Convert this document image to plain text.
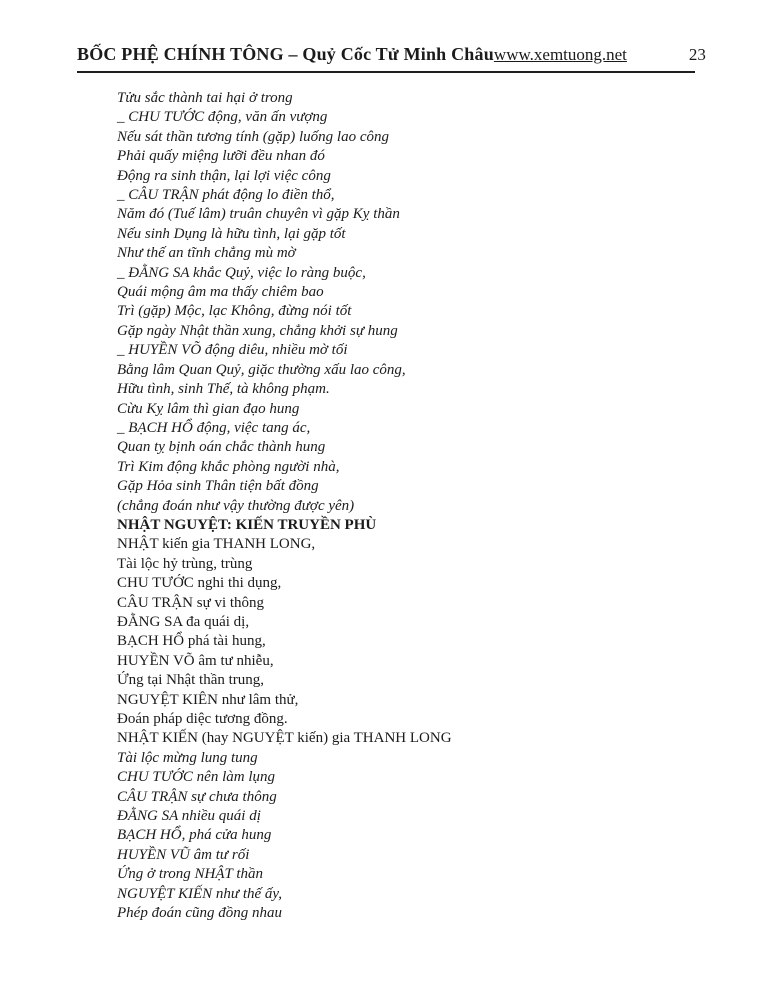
BỐC PHỆ CHÍNH TÔNG – Quỷ Cốc Tử Minh Châu www.xemtuong.net	23
Tửu sắc thành tai hại ở trong
_ CHU TƯỚC động, văn ấn vượng
Nếu sát thần tương tính (gặp) luống lao công
Phải quấy miệng lưỡi đều nhan đó
Động ra sinh thận, lại lợi việc công
_ CÂU TRẬN phát động lo điền thổ,
Năm đó (Tuế lâm) truân chuyên vì gặp Kỵ thần
Nếu sinh Dụng là hữu tình, lại gặp tốt
Như thế an tĩnh chẳng mù mờ
_ ĐẰNG SA khắc Quỷ, việc lo ràng buộc,
Quái mộng âm ma thấy chiêm bao
Trì (gặp) Mộc, lạc Không, đừng nói tốt
Gặp ngày Nhật thần xung, chẳng khởi sự hung
_ HUYỀN VÕ động diêu, nhiều mờ tối
Bằng lâm Quan Quỷ, giặc thường xấu lao công,
Hữu tình, sinh Thế, tà không phạm.
Cừu Kỵ lâm thì gian đạo hung
_ BẠCH HỔ động, việc tang ác,
Quan tỵ bịnh oán chắc thành hung
Trì Kim động khắc phòng người nhà,
Gặp Hỏa sinh Thân tiện bất đồng
(chẳng đoán như vậy thường được yên)
NHẬT NGUYỆT: KIẾN TRUYỀN PHÙ
NHẬT kiến gia THANH LONG,
Tài lộc hỷ trùng, trùng
CHU TƯỚC nghi thi dụng,
CÂU TRẬN sự vi thông
ĐẰNG SA đa quái dị,
BẠCH HỔ phá tài hung,
HUYỀN VÕ âm tư nhiễu,
Ứng tại Nhật thần trung,
NGUYỆT KIÊN như lâm thử,
Đoán pháp diệc tương đồng.
NHẬT KIẾN (hay NGUYỆT kiến) gia THANH LONG
Tài lộc mừng lung tung
CHU TƯỚC nên làm lụng
CÂU TRẬN sự chưa thông
ĐẰNG SA nhiều quái dị
BẠCH HỔ, phá cửa hung
HUYỀN VŨ âm tư rối
Ứng ở trong NHẬT thần
NGUYỆT KIẾN như thế ấy,
Phép đoán cũng đồng nhau
